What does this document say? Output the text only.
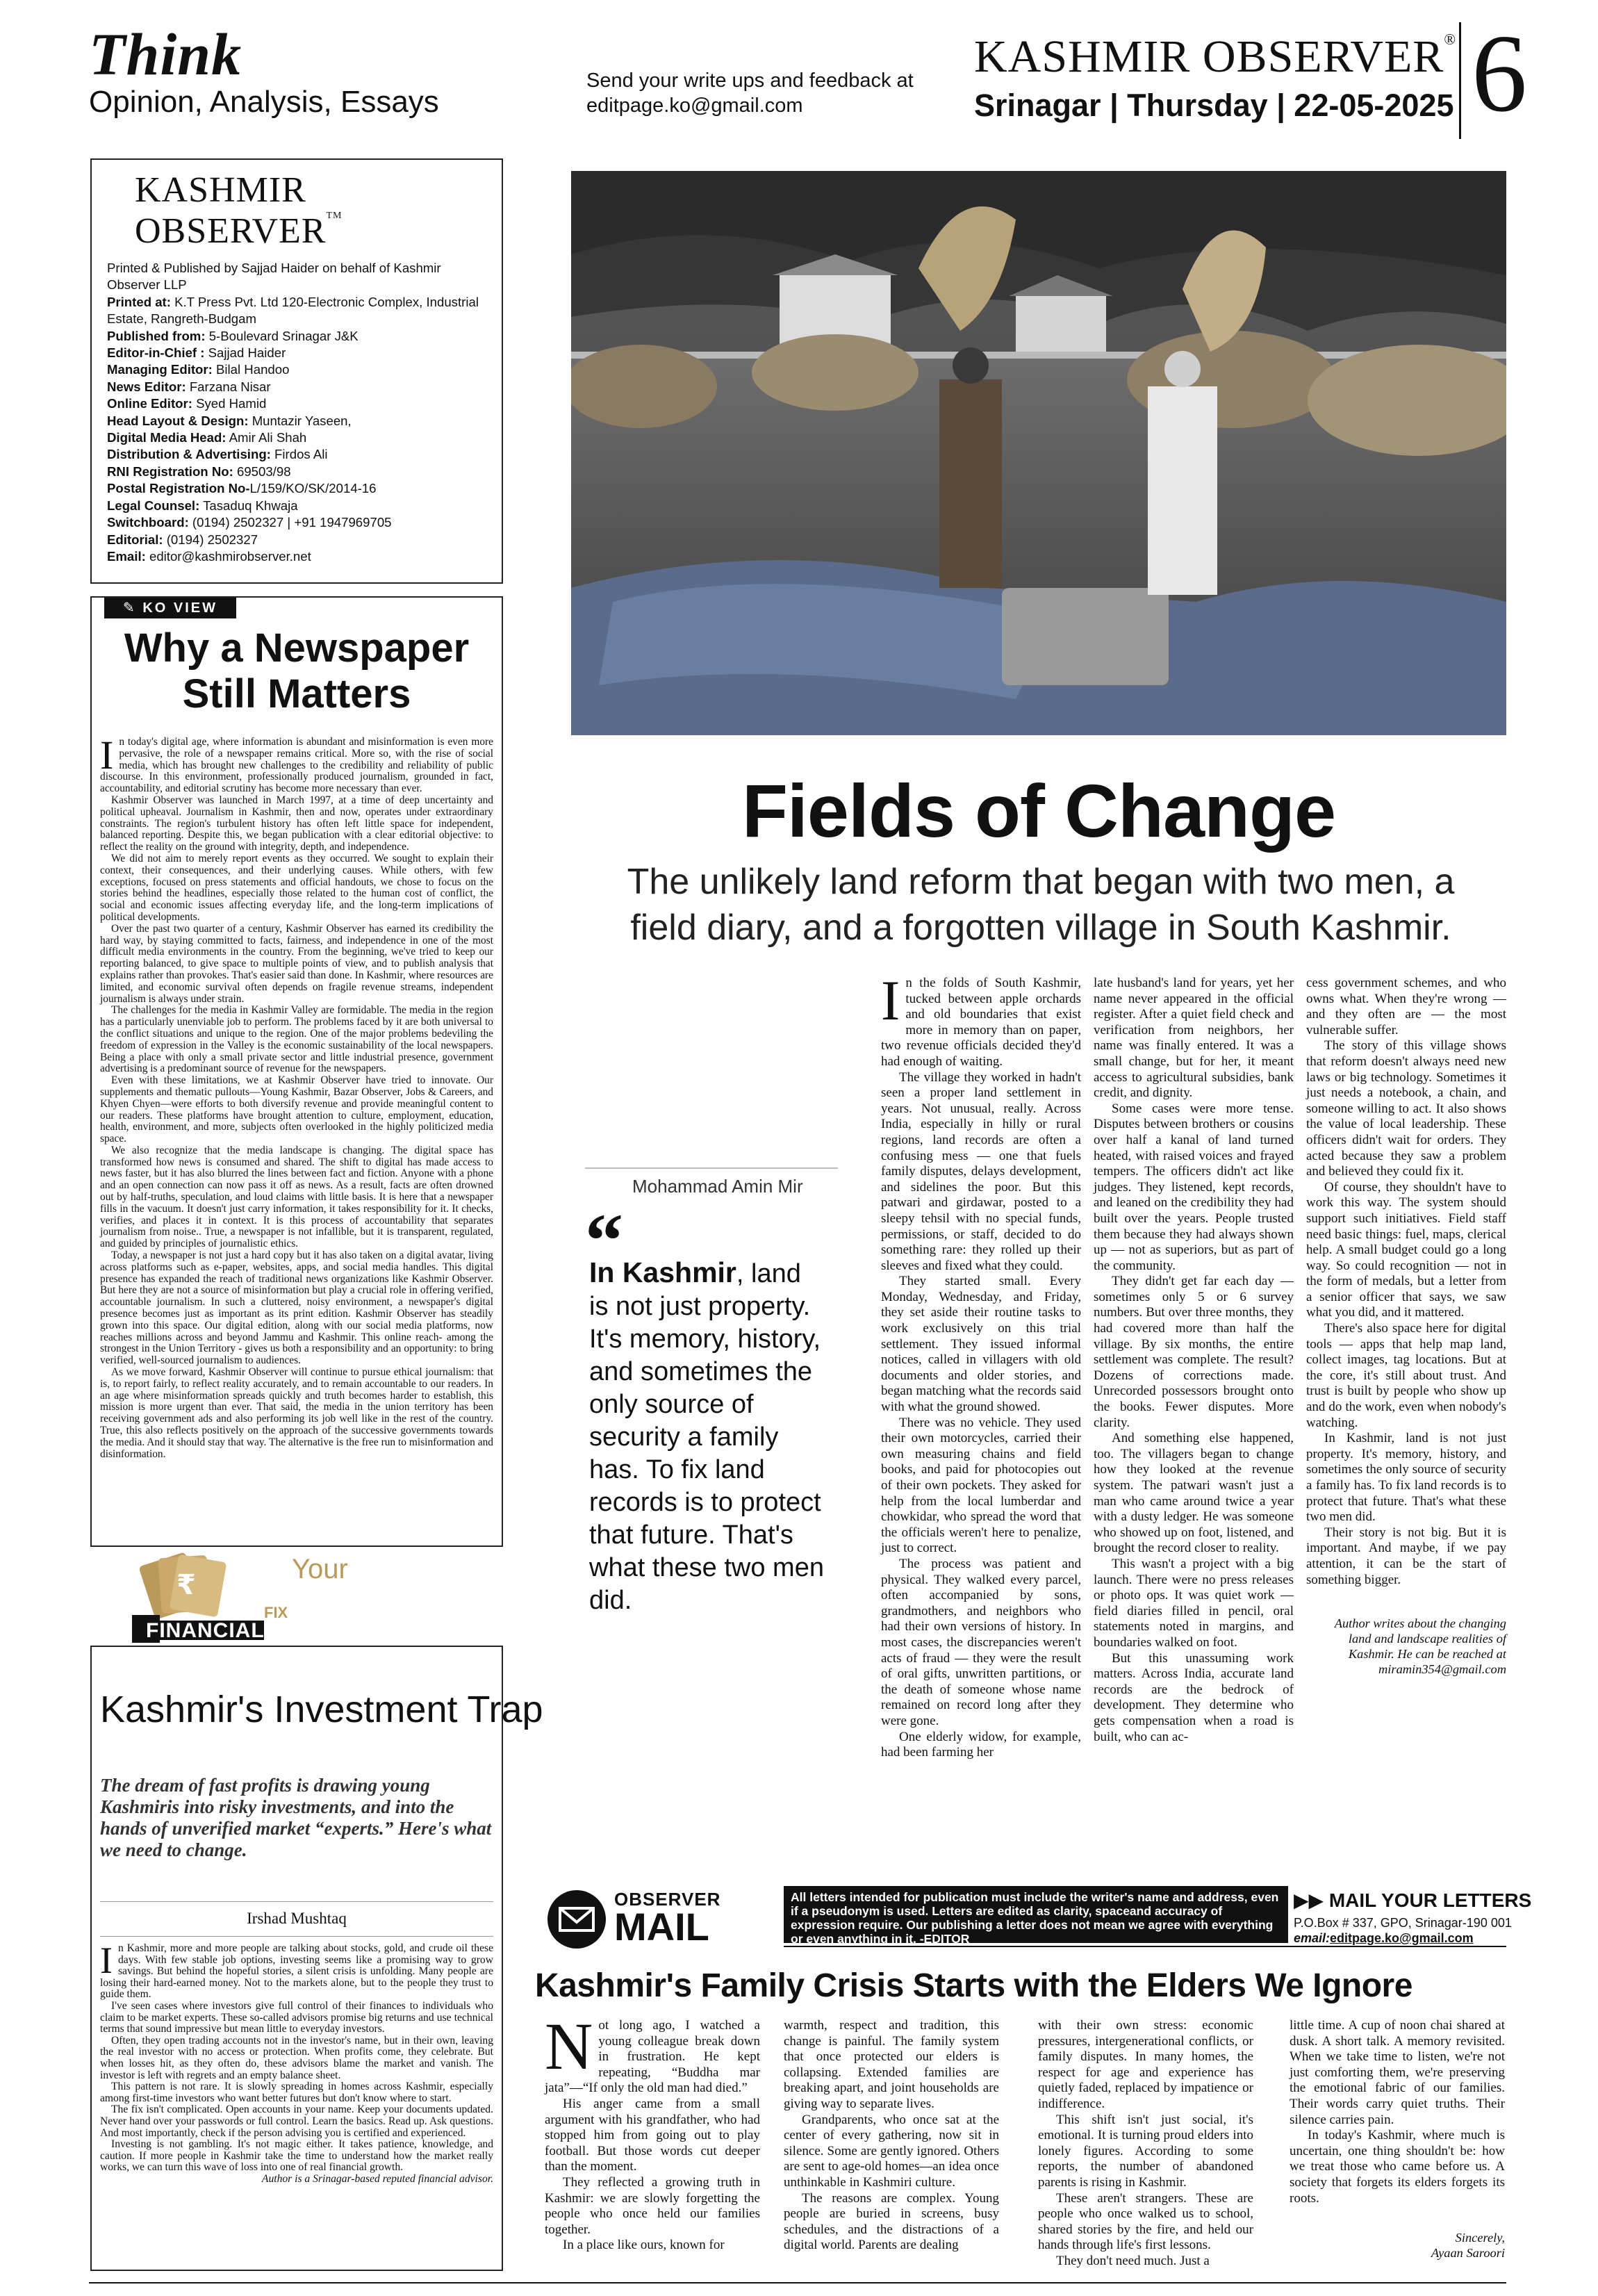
Think
Opinion, Analysis, Essays
Send your write ups and feedback at editpage.ko@gmail.com
KASHMIR OBSERVER®
Srinagar | Thursday | 22-05-2025 6
KASHMIR OBSERVER™
Printed & Published by Sajjad Haider on behalf of Kashmir Observer LLP
Printed at: K.T Press Pvt. Ltd 120-Electronic Complex, Industrial Estate, Rangreth-Budgam
Published from: 5-Boulevard Srinagar J&K
Editor-in-Chief : Sajjad Haider
Managing Editor: Bilal Handoo
News Editor: Farzana Nisar
Online Editor: Syed Hamid
Head Layout & Design: Muntazir Yaseen,
Digital Media Head: Amir Ali Shah
Distribution & Advertising: Firdos Ali
RNI Registration No: 69503/98
Postal Registration No-L/159/KO/SK/2014-16
Legal Counsel: Tasaduq Khwaja
Switchboard: (0194) 2502327 | +91 1947969705
Editorial: (0194) 2502327
Email: editor@kashmirobserver.net
Fields of Change
The unlikely land reform that began with two men, a field diary, and a forgotten village in South Kashmir.
Mohammad Amin Mir
“
In Kashmir, land is not just property. It's memory, history, and sometimes the only source of security a family has. To fix land records is to protect that future. That's what these two men did.

In the folds of South Kashmir, tucked between apple orchards and old boundaries that exist more in memory than on paper, two revenue officials decided they'd had enough of waiting.

The village they worked in hadn't seen a proper land settlement in years. Not unusual, really. Across India, especially in hilly or rural regions, land records are often a confusing mess — one that fuels family disputes, delays development, and sidelines the poor. But this patwari and girdawar, posted to a sleepy tehsil with no special funds, permissions, or staff, decided to do something rare: they rolled up their sleeves and fixed what they could.

They started small. Every Monday, Wednesday, and Friday, they set aside their routine tasks to work exclusively on this trial settlement. They issued informal notices, called in villagers with old documents and older stories, and began matching what the records said with what the ground showed.

There was no vehicle. They used their own motorcycles, carried their own measuring chains and field books, and paid for photocopies out of their own pockets. They asked for help from the local lumberdar and chowkidar, who spread the word that the officials weren't here to penalize, just to correct.

The process was patient and physical. They walked every parcel, often accompanied by sons, grandmothers, and neighbors who had their own versions of history. In most cases, the discrepancies weren't acts of fraud — they were the result of oral gifts, unwritten partitions, or the death of someone whose name remained on record long after they were gone.

One elderly widow, for example, had been farming her

late husband's land for years, yet her name never appeared in the official register. After a quiet field check and verification from neighbors, her name was finally entered. It was a small change, but for her, it meant access to agricultural subsidies, bank credit, and dignity.

Some cases were more tense. Disputes between brothers or cousins over half a kanal of land turned heated, with raised voices and frayed tempers. The officers didn't act like judges. They listened, kept records, and leaned on the credibility they had built over the years. People trusted them because they had always shown up — not as superiors, but as part of the community.

They didn't get far each day — sometimes only 5 or 6 survey numbers. But over three months, they had covered more than half the village. By six months, the entire settlement was complete. The result? Dozens of corrections made. Unrecorded possessors brought onto the books. Fewer disputes. More clarity.

And something else happened, too. The villagers began to change how they looked at the revenue system. The patwari wasn't just a man who came around twice a year with a dusty ledger. He was someone who showed up on foot, listened, and brought the record closer to reality.

This wasn't a project with a big launch. There were no press releases or photo ops. It was quiet work — field diaries filled in pencil, oral statements noted in margins, and boundaries walked on foot.

But this unassuming work matters. Across India, accurate land records are the bedrock of development. They determine who gets compensation when a road is built, who can ac-

cess government schemes, and who owns what. When they're wrong — and they often are — the most vulnerable suffer.

The story of this village shows that reform doesn't always need new laws or big technology. Sometimes it just needs a notebook, a chain, and someone willing to act. It also shows the value of local leadership. These officers didn't wait for orders. They acted because they saw a problem and believed they could fix it.

Of course, they shouldn't have to work this way. The system should support such initiatives. Field staff need basic things: fuel, maps, clerical help. A small budget could go a long way. So could recognition — not in the form of medals, but a letter from a senior officer that says, we saw what you did, and it mattered.

There's also space here for digital tools — apps that help map land, collect images, tag locations. But at the core, it's still about trust. And trust is built by people who show up and do the work, even when nobody's watching.

In Kashmir, land is not just property. It's memory, history, and sometimes the only source of security a family has. To fix land records is to protect that future. That's what these two men did.

Their story is not big. But it is important. And maybe, if we pay attention, it can be the start of something bigger.

Author writes about the changing land and landscape realities of Kashmir. He can be reached at miramin354@gmail.com
✎ KO VIEW
Why a Newspaper Still Matters

In today's digital age, where information is abundant and misinformation is even more pervasive, the role of a newspaper remains critical. More so, with the rise of social media, which has brought new challenges to the credibility and reliability of public discourse. In this environment, professionally produced journalism, grounded in fact, accountability, and editorial scrutiny has become more necessary than ever.

Kashmir Observer was launched in March 1997, at a time of deep uncertainty and political upheaval. Journalism in Kashmir, then and now, operates under extraordinary constraints. The region's turbulent history has often left little space for independent, balanced reporting. Despite this, we began publication with a clear editorial objective: to reflect the reality on the ground with integrity, depth, and independence.

We did not aim to merely report events as they occurred. We sought to explain their context, their consequences, and their underlying causes. While others, with few exceptions, focused on press statements and official handouts, we chose to focus on the stories behind the headlines, especially those related to the human cost of conflict, the social and economic issues affecting everyday life, and the long-term implications of political developments.

Over the past two quarter of a century, Kashmir Observer has earned its credibility the hard way, by staying committed to facts, fairness, and independence in one of the most difficult media environments in the country. From the beginning, we've tried to keep our reporting balanced, to give space to multiple points of view, and to publish analysis that explains rather than provokes. That's easier said than done. In Kashmir, where resources are limited, and economic survival often depends on fragile revenue streams, independent journalism is always under strain.

The challenges for the media in Kashmir Valley are formidable. The media in the region has a particularly unenviable job to perform. The problems faced by it are both universal to the conflict situations and unique to the region. One of the major problems bedeviling the freedom of expression in the Valley is the economic sustainability of the local newspapers. Being a place with only a small private sector and little industrial presence, government advertising is a predominant source of revenue for the newspapers.

Even with these limitations, we at Kashmir Observer have tried to innovate. Our supplements and thematic pullouts—Young Kashmir, Bazar Observer, Jobs & Careers, and Khyen Chyen—were efforts to both diversify revenue and provide meaningful content to our readers. These platforms have brought attention to culture, employment, education, health, environment, and more, subjects often overlooked in the highly politicized media space.

We also recognize that the media landscape is changing. The digital space has transformed how news is consumed and shared. The shift to digital has made access to news faster, but it has also blurred the lines between fact and fiction. Anyone with a phone and an open connection can now pass it off as news. As a result, facts are often drowned out by half-truths, speculation, and loud claims with little basis. It is here that a newspaper fills in the vacuum. It doesn't just carry information, it takes responsibility for it. It checks, verifies, and places it in context. It is this process of accountability that separates journalism from noise.. True, a newspaper is not infallible, but it is transparent, regulated, and guided by principles of journalistic ethics.

Today, a newspaper is not just a hard copy but it has also taken on a digital avatar, living across platforms such as e-paper, websites, apps, and social media handles. This digital presence has expanded the reach of traditional news organizations like Kashmir Observer. But here they are not a source of misinformation but play a crucial role in offering verified, accountable journalism. In such a cluttered, noisy environment, a newspaper's digital presence becomes just as important as its print edition. Kashmir Observer has steadily grown into this space. Our digital edition, along with our social media platforms, now reaches millions across and beyond Jammu and Kashmir. This online reach- among the strongest in the Union Territory - gives us both a responsibility and an opportunity: to bring verified, well-sourced journalism to audiences.

As we move forward, Kashmir Observer will continue to pursue ethical journalism: that is, to report fairly, to reflect reality accurately, and to remain accountable to our readers. In an age where misinformation spreads quickly and truth becomes harder to establish, this mission is more urgent than ever. That said, the media in the union territory has been receiving government ads and also performing its job well like in the rest of the country. True, this also reflects positively on the approach of the successive governments towards the media. And it should stay that way. The alternative is the free run to misinformation and disinformation.

₹	Your
FINANCIAL
FIX
Kashmir's Investment Trap
The dream of fast profits is drawing young Kashmiris into risky investments, and into the hands of unverified market “experts.” Here's what we need to change.
Irshad Mushtaq

In Kashmir, more and more people are talking about stocks, gold, and crude oil these days. With few stable job options, investing seems like a promising way to grow savings. But behind the hopeful stories, a silent crisis is unfolding. Many people are losing their hard-earned money. Not to the markets alone, but to the people they trust to guide them.

I've seen cases where investors give full control of their finances to individuals who claim to be market experts. These so-called advisors promise big returns and use technical terms that sound impressive but mean little to everyday investors.

Often, they open trading accounts not in the investor's name, but in their own, leaving the real investor with no access or protection. When profits come, they celebrate. But when losses hit, as they often do, these advisors blame the market and vanish. The investor is left with regrets and an empty balance sheet.

This pattern is not rare. It is slowly spreading in homes across Kashmir, especially among first-time investors who want better futures but don't know where to start.

The fix isn't complicated. Open accounts in your name. Keep your documents updated. Never hand over your passwords or full control. Learn the basics. Read up. Ask questions. And most importantly, check if the person advising you is certified and experienced.

Investing is not gambling. It's not magic either. It takes patience, knowledge, and caution. If more people in Kashmir take the time to understand how the market really works, we can turn this wave of loss into one of real financial growth.

Author is a Srinagar-based reputed financial advisor.
OBSERVER
MAIL
All letters intended for publication must include the writer's name and address, even if a pseudonym is used. Letters are edited as clarity, spaceand accuracy of expression require. Our publishing a letter does not mean we agree with everything or even anything in it. -EDITOR
▶▶ MAIL YOUR LETTERS
P.O.Box # 337, GPO, Srinagar-190 001
email:editpage.ko@gmail.com
Kashmir's Family Crisis Starts with the Elders We Ignore

Not long ago, I watched a young colleague break down in frustration. He kept repeating, “Buddha mar jata”—“If only the old man had died.”

His anger came from a small argument with his grandfather, who had stopped him from going out to play football. But those words cut deeper than the moment.

They reflected a growing truth in Kashmir: we are slowly forgetting the people who once held our families together.

In a place like ours, known for

warmth, respect and tradition, this change is painful. The family system that once protected our elders is collapsing. Extended families are breaking apart, and joint households are giving way to separate lives.

Grandparents, who once sat at the center of every gathering, now sit in silence. Some are gently ignored. Others are sent to age-old homes—an idea once unthinkable in Kashmiri culture.

The reasons are complex. Young people are buried in screens, busy schedules, and the distractions of a digital world. Parents are dealing

with their own stress: economic pressures, intergenerational conflicts, or family disputes. In many homes, the respect for age and experience has quietly faded, replaced by impatience or indifference.

This shift isn't just social, it's emotional. It is turning proud elders into lonely figures. According to some reports, the number of abandoned parents is rising in Kashmir.

These aren't strangers. These are people who once walked us to school, shared stories by the fire, and held our hands through life's first lessons.

They don't need much. Just a

little time. A cup of noon chai shared at dusk. A short talk. A memory revisited. When we take time to listen, we're not just comforting them, we're preserving the emotional fabric of our families. Their words carry quiet truths. Their silence carries pain.

In today's Kashmir, where much is uncertain, one thing shouldn't be: how we treat those who came before us. A society that forgets its elders forgets its roots.

Sincerely,
Ayaan Saroori
